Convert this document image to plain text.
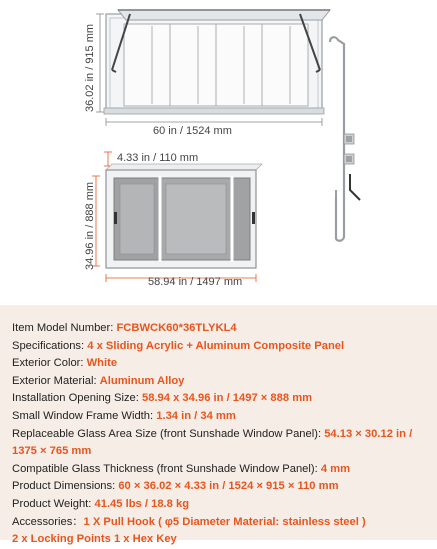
36.02 in / 915 mm
60 in / 1524 mm
4.33 in / 110 mm
34.96 in / 888 mm
58.94 in / 1497 mm
Item Model Number: FCBWCK60*36TLYKL4
Specifications: 4 x Sliding Acrylic + Aluminum Composite Panel
Exterior Color: White
Exterior Material: Aluminum Alloy
Installation Opening Size: 58.94 x 34.96 in / 1497 × 888 mm
Small Window Frame Width: 1.34 in / 34 mm
Replaceable Glass Area Size (front Sunshade Window Panel): 54.13 × 30.12 in /
1375 × 765 mm
Compatible Glass Thickness (front Sunshade Window Panel): 4 mm
Product Dimensions: 60 × 36.02 × 4.33 in / 1524 × 915 × 110 mm
Product Weight: 41.45 lbs / 18.8 kg
Accessories：1 X Pull Hook ( φ5 Diameter Material: stainless steel )
2 x Locking Points 1 x Hex Key
